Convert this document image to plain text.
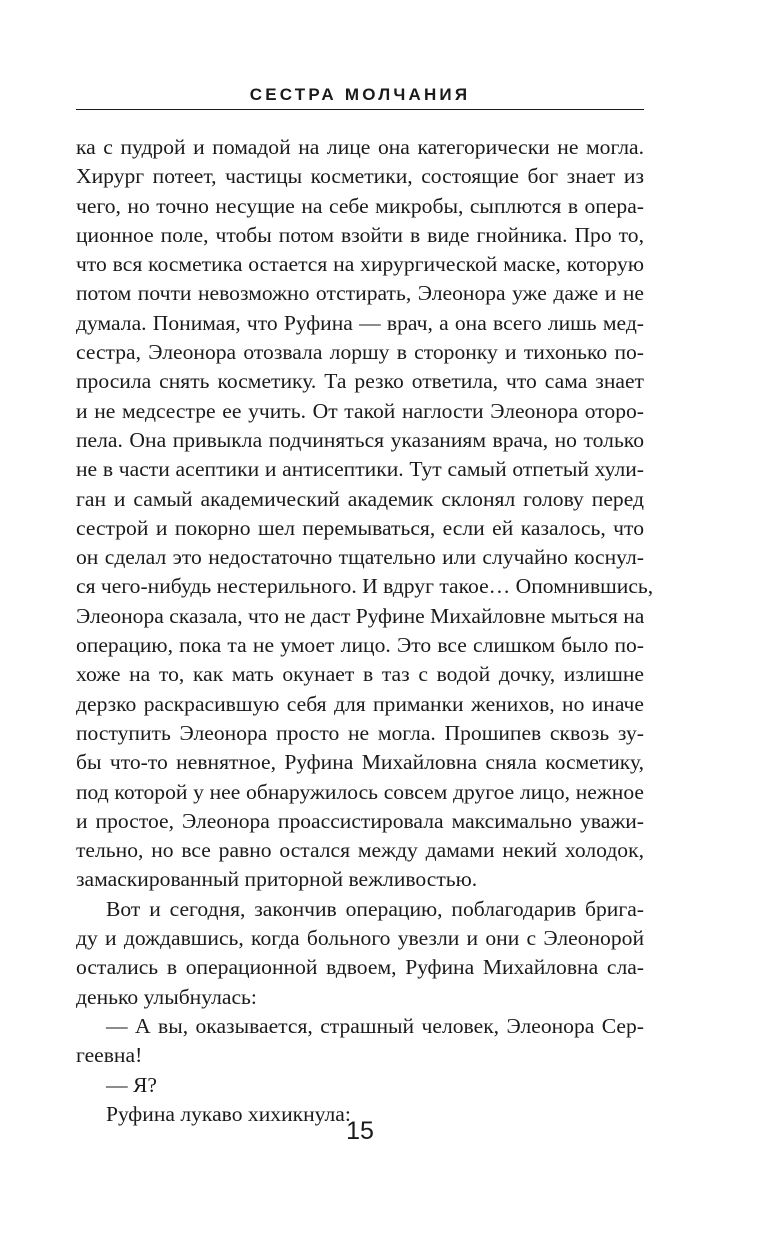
СЕСТРА МОЛЧАНИЯ
ка с пудрой и помадой на лице она категорически не могла.
Хирург потеет, частицы косметики, состоящие бог знает из
чего, но точно несущие на себе микробы, сыплются в опера-
ционное поле, чтобы потом взойти в виде гнойника. Про то,
что вся косметика остается на хирургической маске, которую
потом почти невозможно отстирать, Элеонора уже даже и не
думала. Понимая, что Руфина — врач, а она всего лишь мед-
сестра, Элеонора отозвала лоршу в сторонку и тихонько по-
просила снять косметику. Та резко ответила, что сама знает
и не медсестре ее учить. От такой наглости Элеонора оторо-
пела. Она привыкла подчиняться указаниям врача, но только
не в части асептики и антисептики. Тут самый отпетый хули-
ган и самый академический академик склонял голову перед
сестрой и покорно шел перемываться, если ей казалось, что
он сделал это недостаточно тщательно или случайно коснул-
ся чего-нибудь нестерильного. И вдруг такое… Опомнившись,
Элеонора сказала, что не даст Руфине Михайловне мыться на
операцию, пока та не умоет лицо. Это все слишком было по-
хоже на то, как мать окунает в таз с водой дочку, излишне
дерзко раскрасившую себя для приманки женихов, но иначе
поступить Элеонора просто не могла. Прошипев сквозь зу-
бы что-то невнятное, Руфина Михайловна сняла косметику,
под которой у нее обнаружилось совсем другое лицо, нежное
и простое, Элеонора проассистировала максимально уважи-
тельно, но все равно остался между дамами некий холодок,
замаскированный приторной вежливостью.
Вот и сегодня, закончив операцию, поблагодарив брига-
ду и дождавшись, когда больного увезли и они с Элеонорой
остались в операционной вдвоем, Руфина Михайловна сла-
денько улыбнулась:
— А вы, оказывается, страшный человек, Элеонора Сер-
геевна!
— Я?
Руфина лукаво хихикнула:
15
